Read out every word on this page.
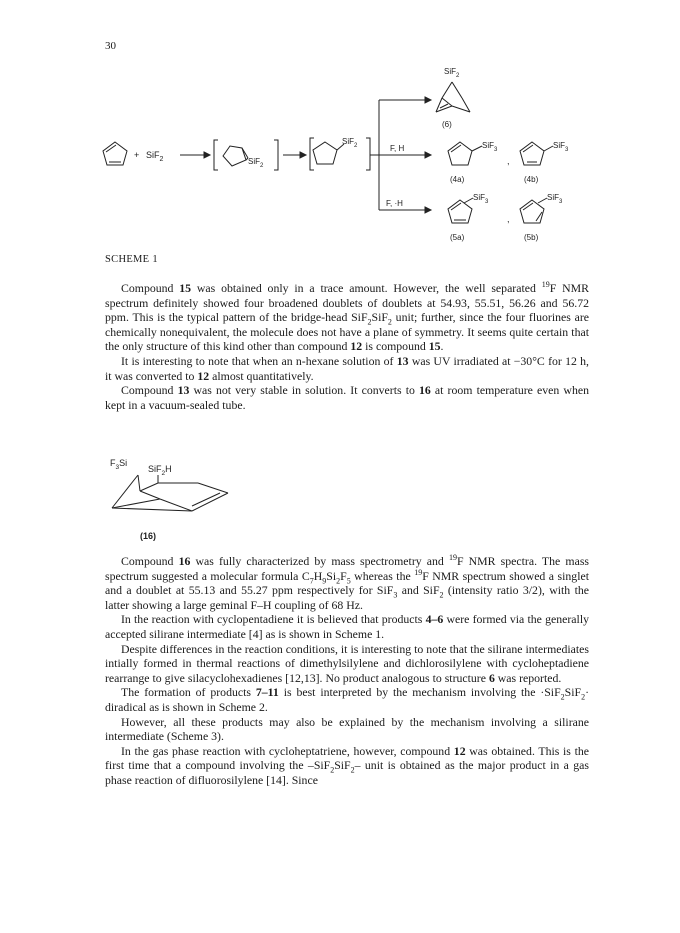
30
+ SiF$_2$	SiF$_2$
SiF$_2$
SiF$_2$
(6)
F, H
F, ·H
SiF$_3$
,
SiF$_3$
(4a)	(4b)
SiF$_3$
,
SiF$_3$
(5a)	(5b)
SCHEME 1

Compound 15 was obtained only in a trace amount. However, the well separated $^{19}$F NMR spectrum definitely showed four broadened doublets of doublets at 54.93, 55.51, 56.26 and 56.72 ppm. This is the typical pattern of the bridge-head SiF$_2$SiF$_2$ unit; further, since the four fluorines are chemically nonequivalent, the molecule does not have a plane of symmetry. It seems quite certain that the only structure of this kind other than compound 12 is compound 15.

It is interesting to note that when an n-hexane solution of 13 was UV irradiated at −30°C for 12 h, it was converted to 12 almost quantitatively.

Compound 13 was not very stable in solution. It converts to 16 at room temperature even when kept in a vacuum-sealed tube.

$F_3Si$
SiF$_2$H
(16)

Compound 16 was fully characterized by mass spectrometry and $^{19}$F NMR spectra. The mass spectrum suggested a molecular formula $C_7H_9Si_2F_5$ whereas the $^{19}$F NMR spectrum showed a singlet and a doublet at 55.13 and 55.27 ppm respectively for SiF$_3$ and SiF$_2$ (intensity ratio 3/2), with the latter showing a large geminal F–H coupling of 68 Hz.

In the reaction with cyclopentadiene it is believed that products 4–6 were formed via the generally accepted silirane intermediate [4] as is shown in Scheme 1.

Despite differences in the reaction conditions, it is interesting to note that the silirane intermediates intially formed in thermal reactions of dimethylsilylene and dichlorosilylene with cycloheptadiene rearrange to give silacyclohexadienes [12,13]. No product analogous to structure 6 was reported.

The formation of products 7–11 is best interpreted by the mechanism involving the ·SiF$_2$SiF$_2$· diradical as is shown in Scheme 2.

However, all these products may also be explained by the mechanism involving a silirane intermediate (Scheme 3).

In the gas phase reaction with cycloheptatriene, however, compound 12 was obtained. This is the first time that a compound involving the –SiF$_2$SiF$_2$– unit is obtained as the major product in a gas phase reaction of difluorosilylene [14]. Since
